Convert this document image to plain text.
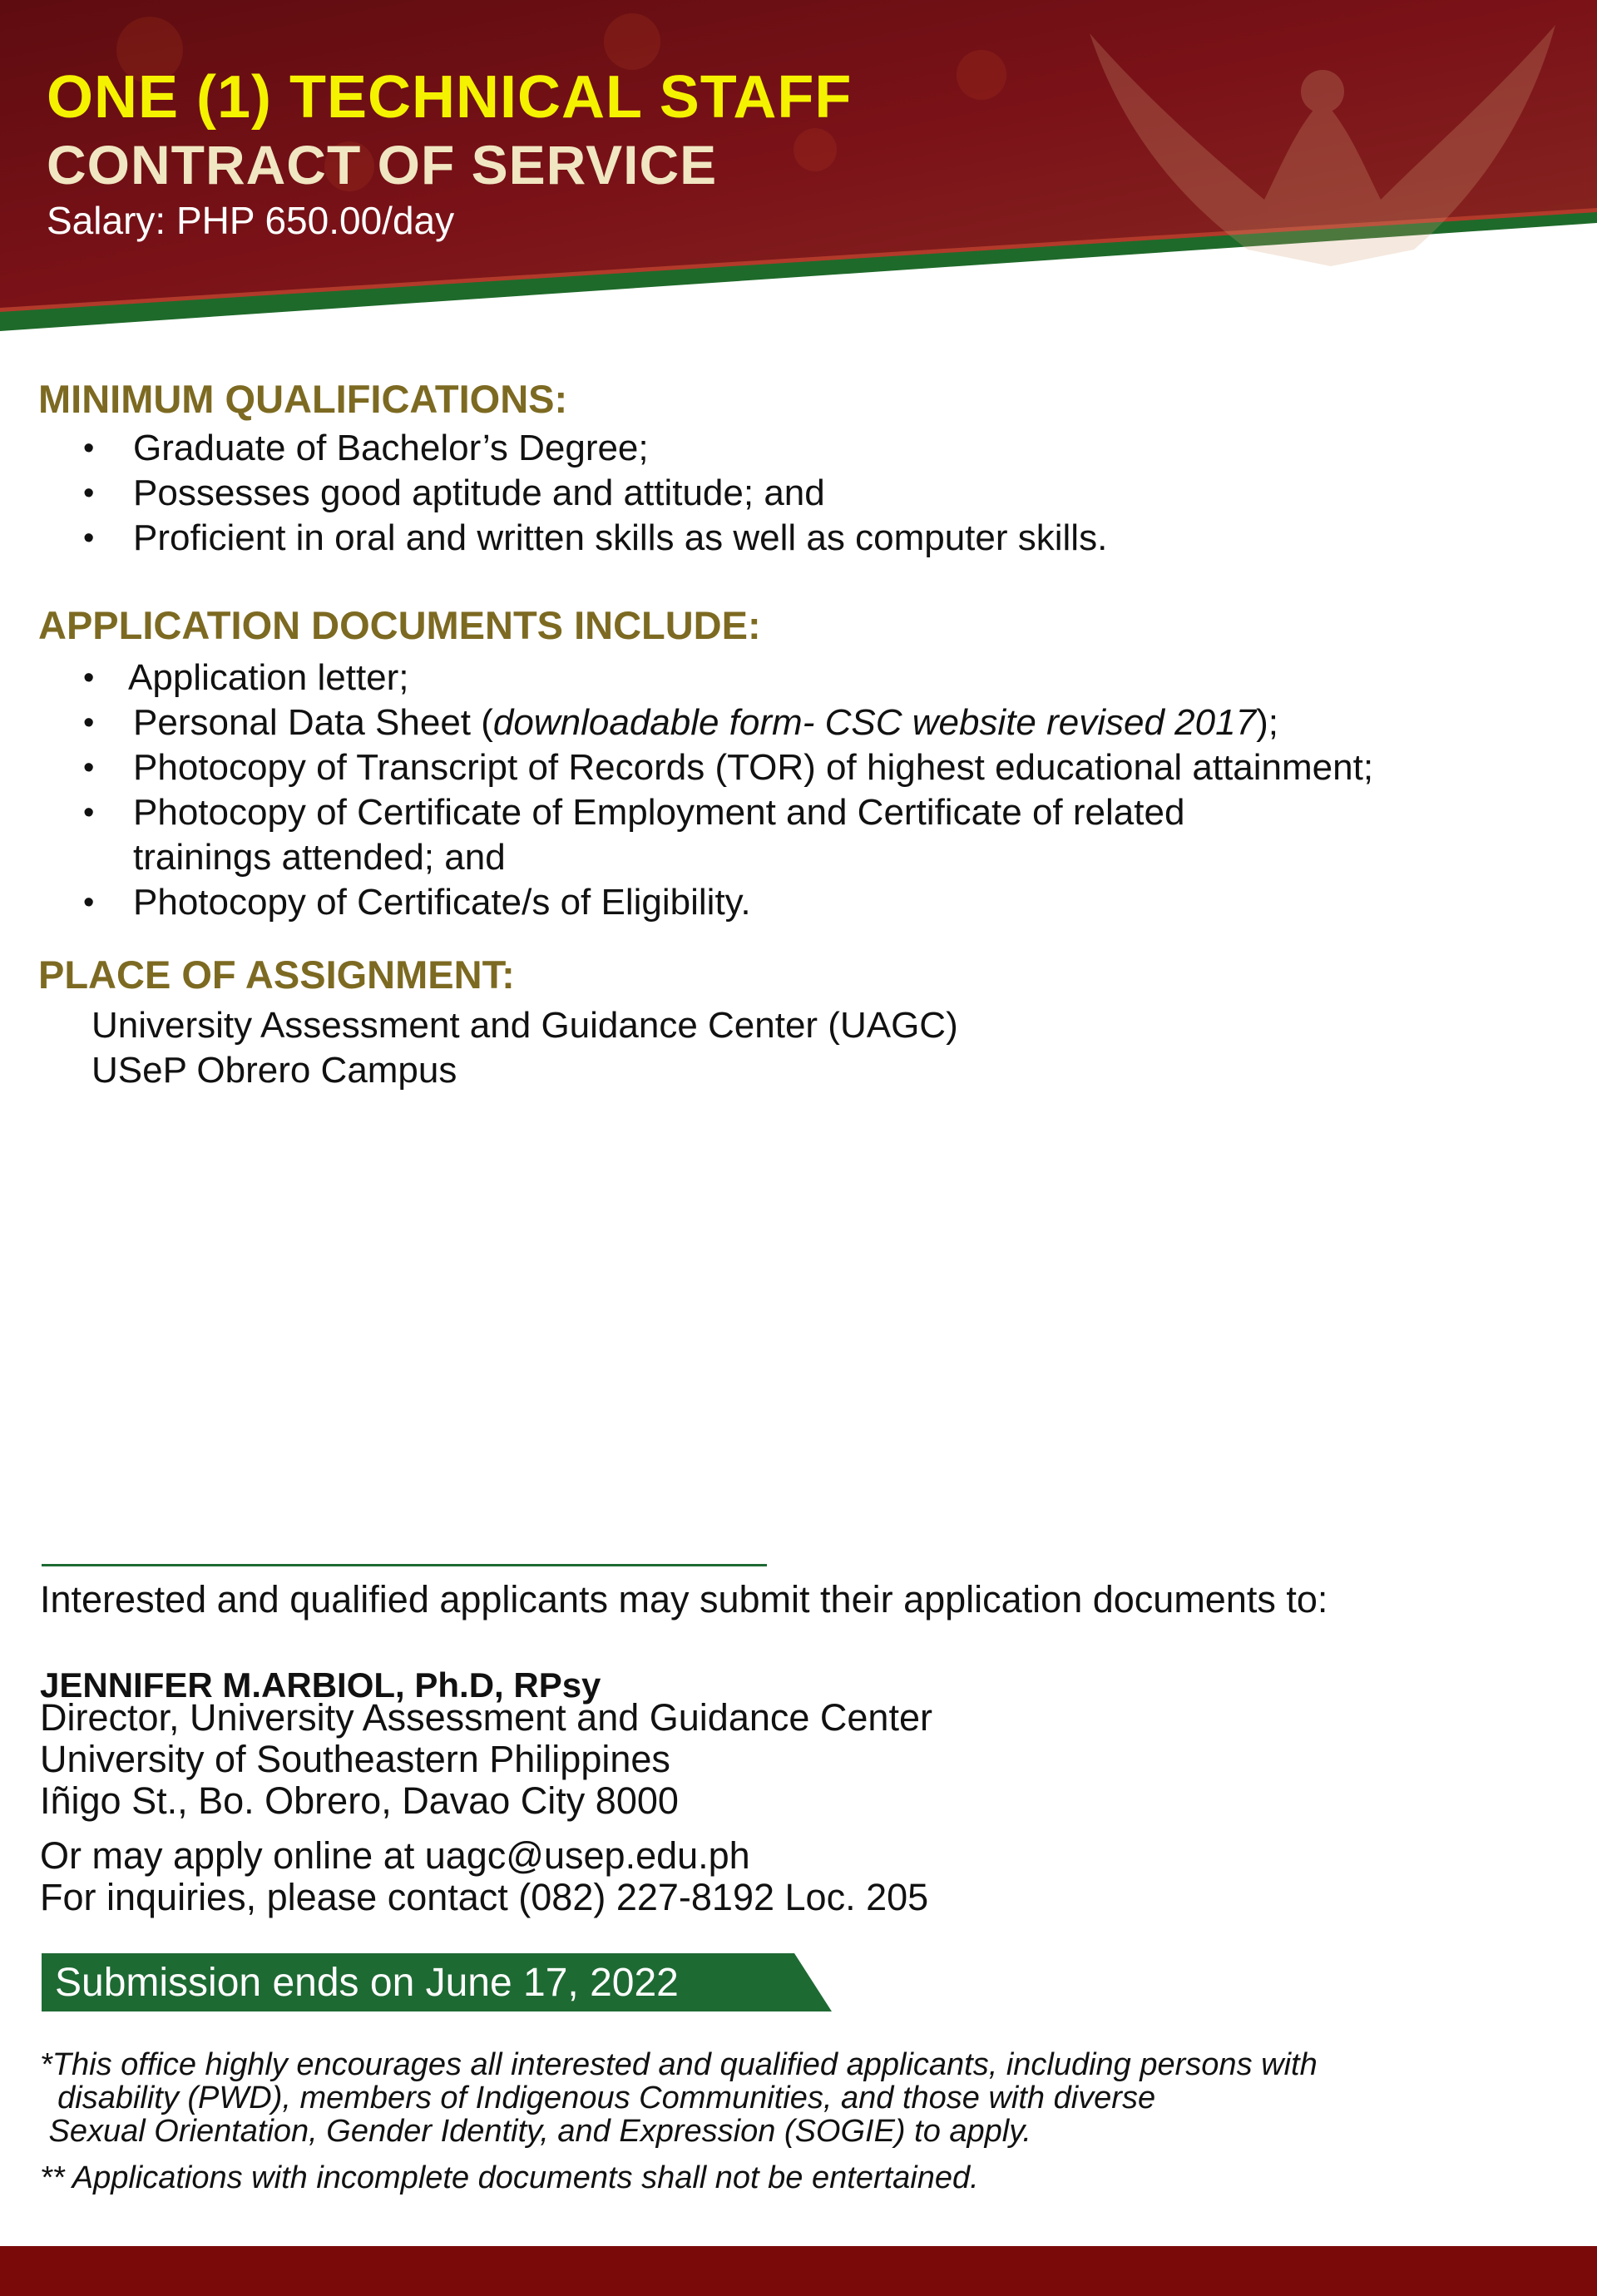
ONE (1) TECHNICAL STAFF
CONTRACT OF SERVICE
Salary: PHP 650.00/day
MINIMUM QUALIFICATIONS:
• Graduate of Bachelor’s Degree;
• Possesses good aptitude and attitude; and
• Proficient in oral and written skills as well as computer skills.
APPLICATION DOCUMENTS INCLUDE:
• Application letter;
• Personal Data Sheet (downloadable form- CSC website revised 2017);
• Photocopy of Transcript of Records (TOR) of highest educational attainment;
• Photocopy of Certificate of Employment and Certificate of related
trainings attended; and
• Photocopy of Certificate/s of Eligibility.
PLACE OF ASSIGNMENT:
University Assessment and Guidance Center (UAGC)
USeP Obrero Campus
Interested and qualified applicants may submit their application documents to:
JENNIFER M.ARBIOL, Ph.D, RPsy
Director, University Assessment and Guidance Center
University of Southeastern Philippines
Iñigo St., Bo. Obrero, Davao City 8000
Or may apply online at uagc@usep.edu.ph
For inquiries, please contact (082) 227-8192 Loc. 205
Submission ends on June 17, 2022
*This office highly encourages all interested and qualified applicants, including persons with
disability (PWD), members of Indigenous Communities, and those with diverse
Sexual Orientation, Gender Identity, and Expression (SOGIE) to apply.
** Applications with incomplete documents shall not be entertained.
